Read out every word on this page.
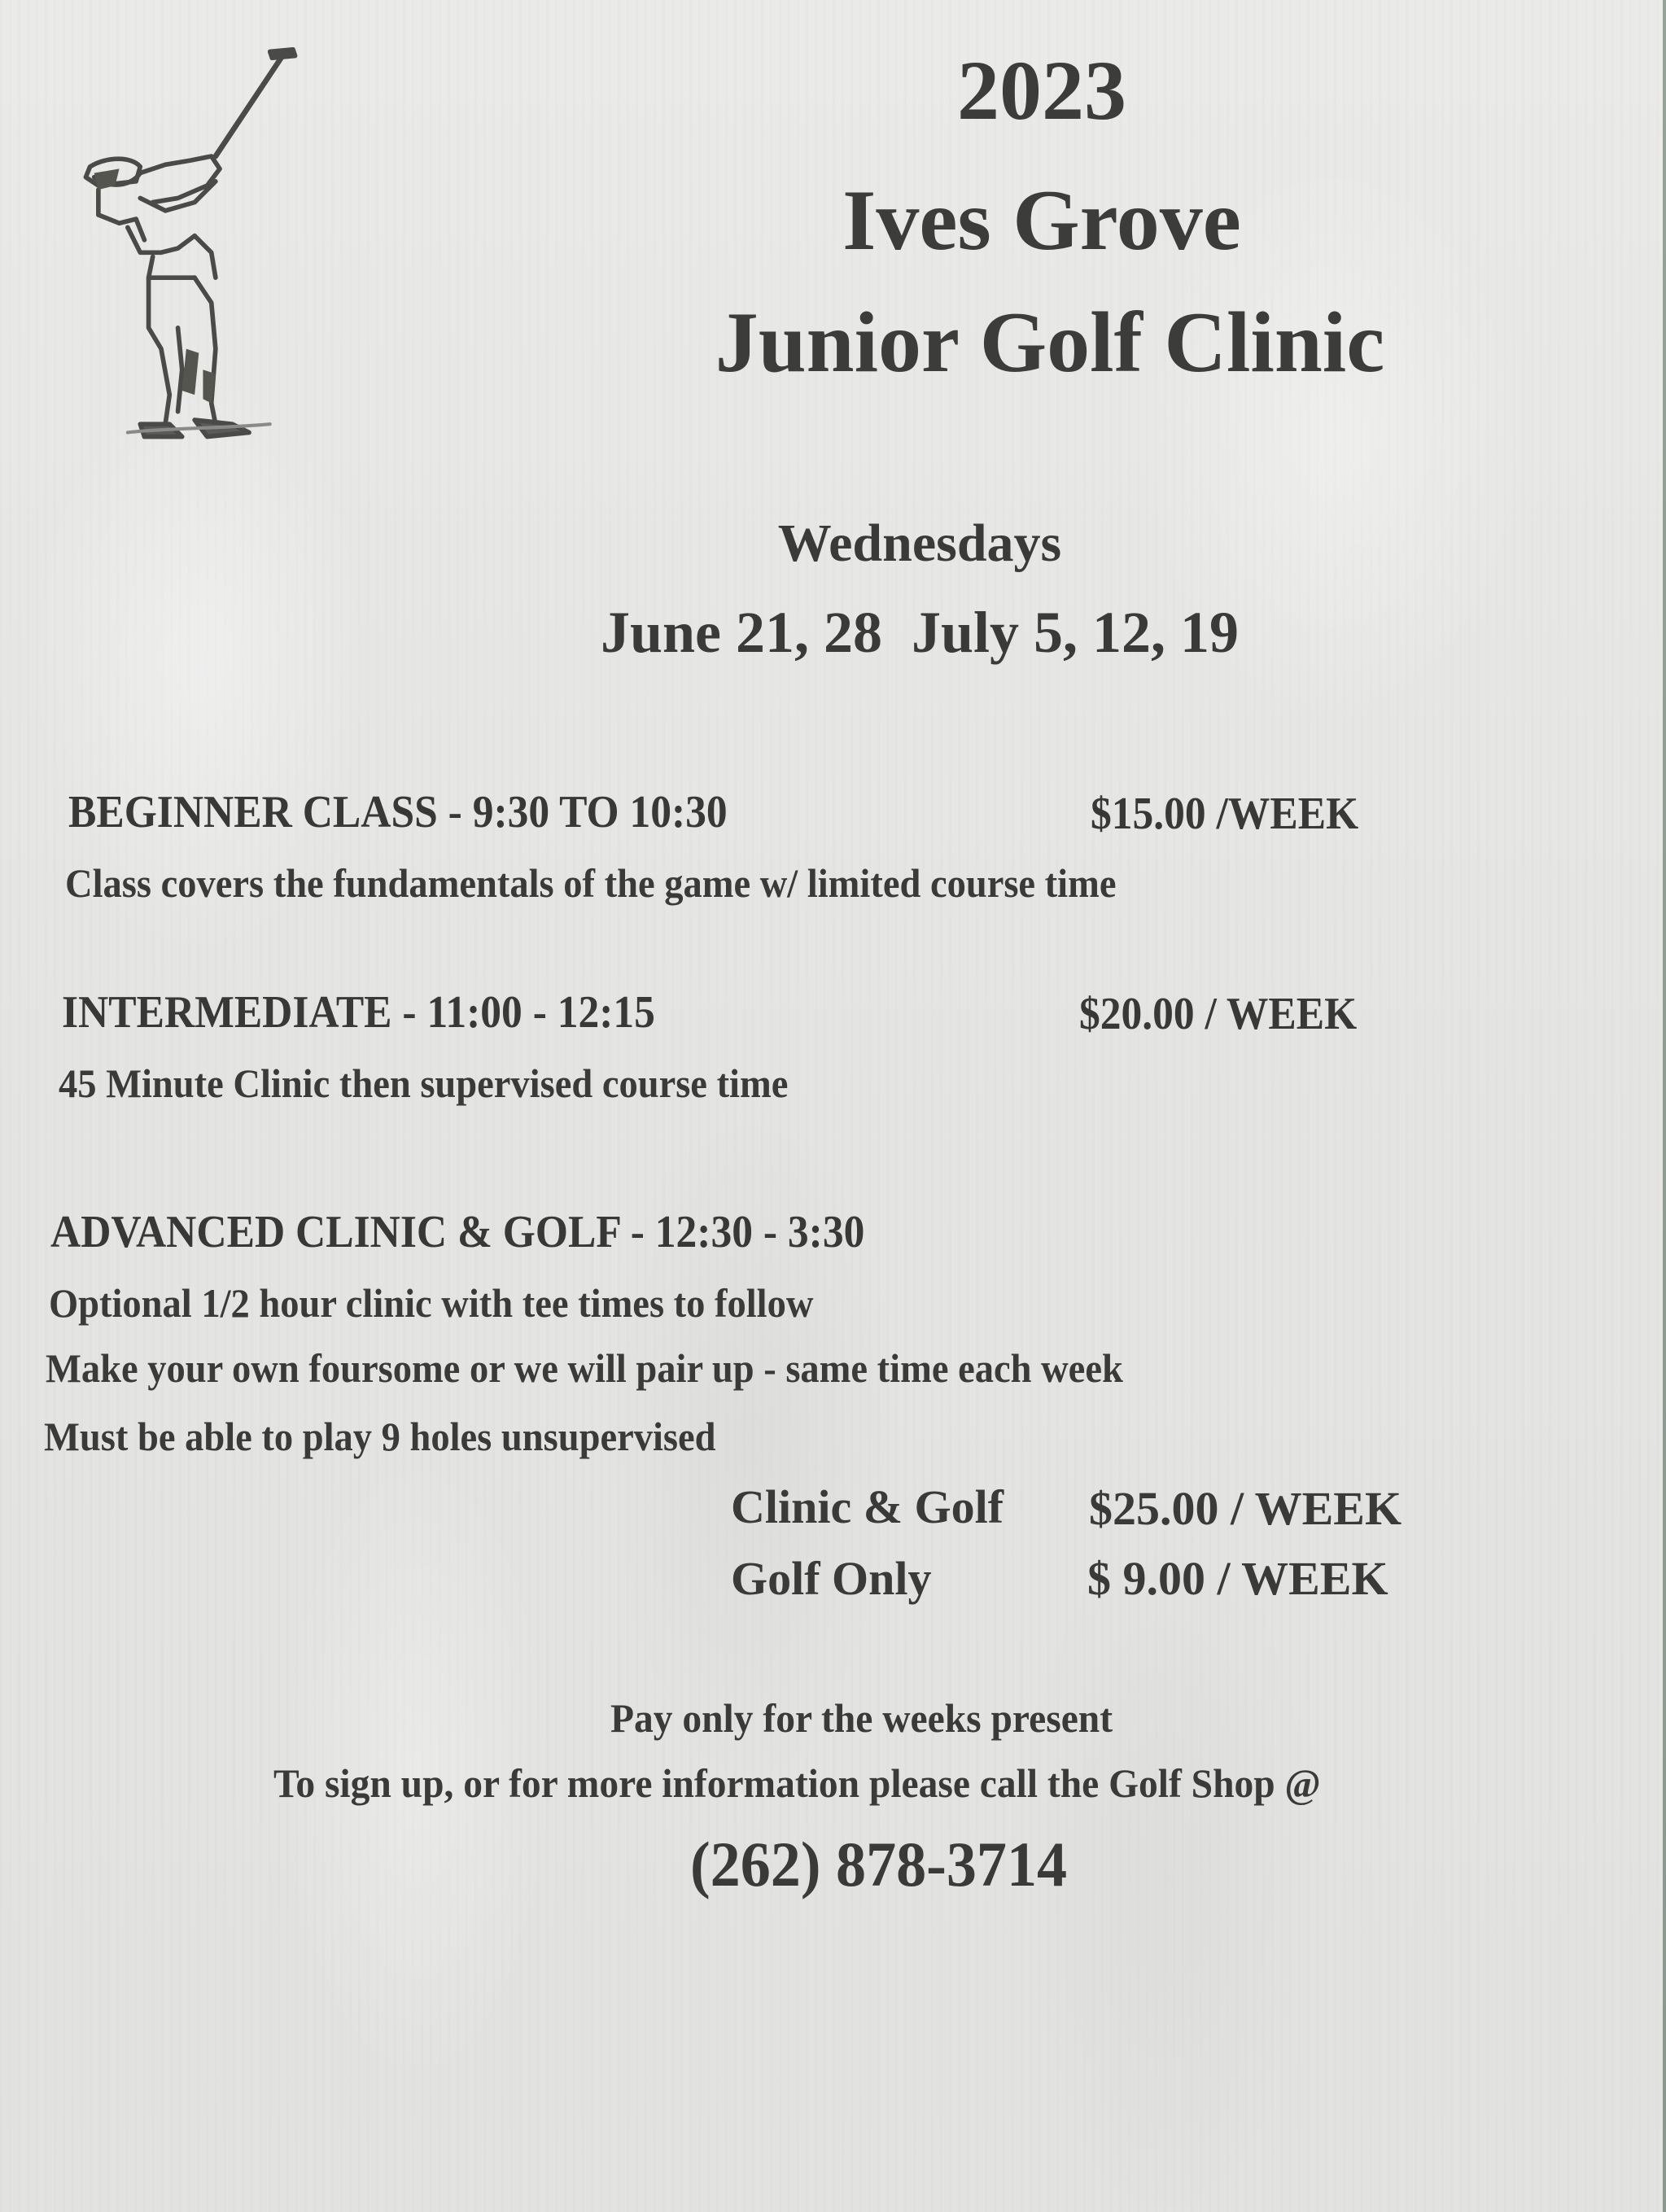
2023
Ives Grove
Junior Golf Clinic
Wednesdays
June 21, 28  July 5, 12, 19
BEGINNER CLASS - 9:30 TO 10:30	$15.00 /WEEK
Class covers the fundamentals of the game w/ limited course time
INTERMEDIATE - 11:00 - 12:15	$20.00 / WEEK
45 Minute Clinic then supervised course time
ADVANCED CLINIC & GOLF - 12:30 - 3:30
Optional 1/2 hour clinic with tee times to follow
Make your own foursome or we will pair up - same time each week
Must be able to play 9 holes unsupervised
Clinic & Golf $25.00 / WEEK
Golf Only	$ 9.00 / WEEK
Pay only for the weeks present
To sign up, or for more information please call the Golf Shop @
(262) 878-3714
